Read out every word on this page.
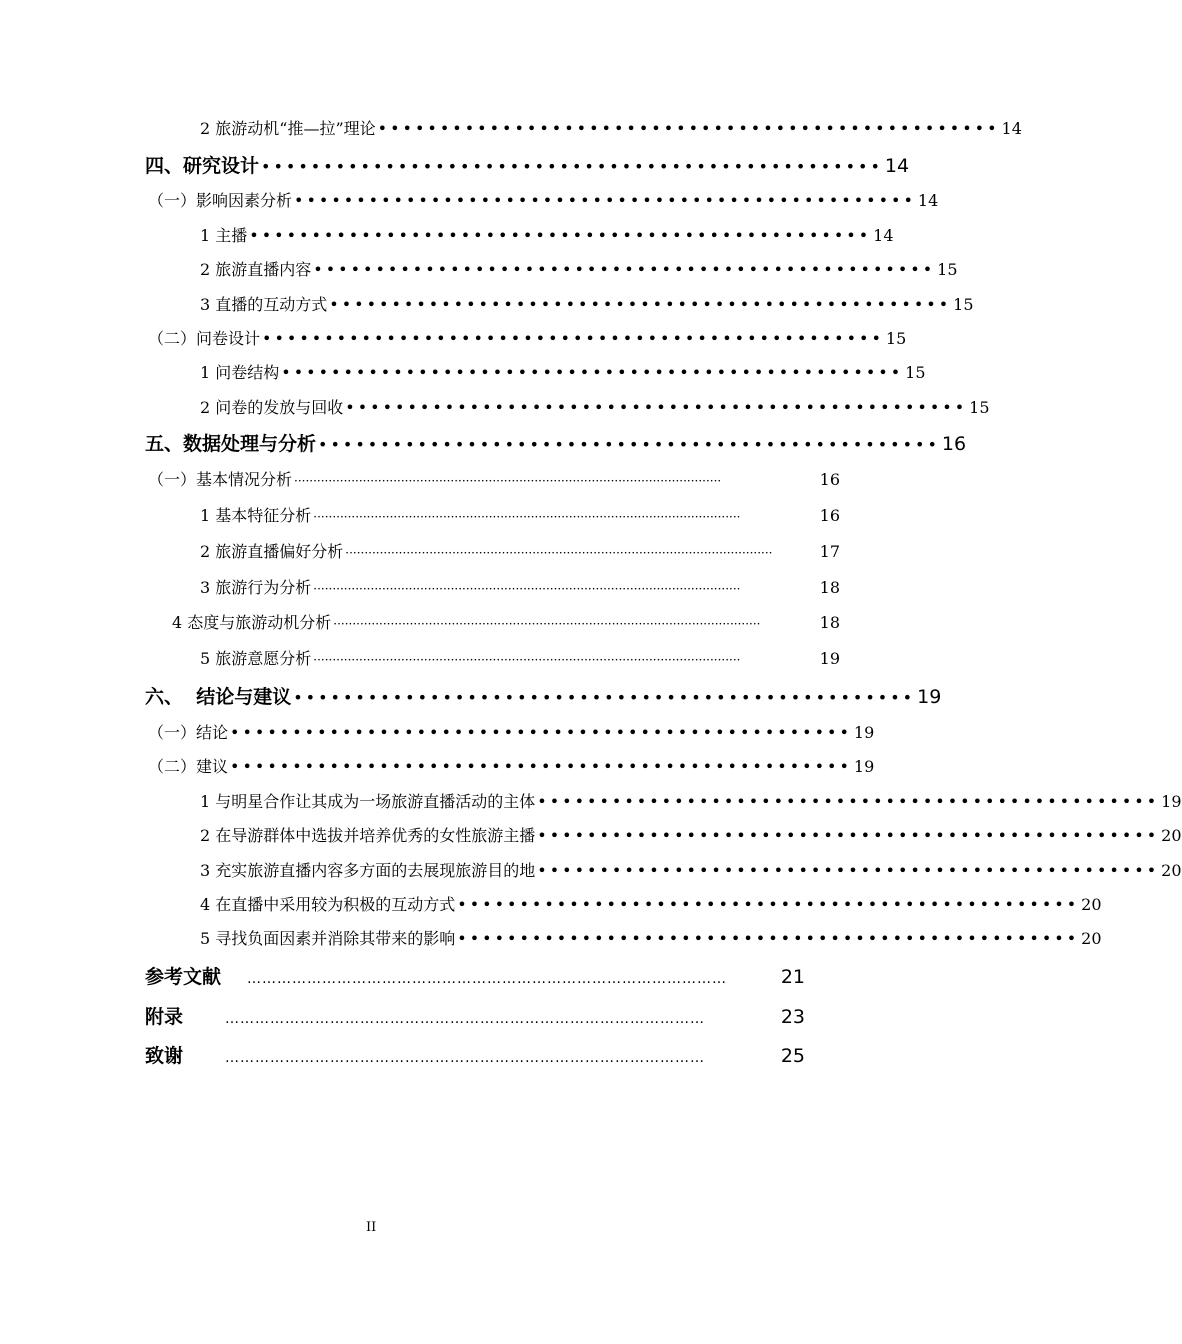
2 旅游动机“推—拉”理论 •••••••••••••••••••••••••••••••••••••••••••••••••• 14
四、研究设计 •••••••••••••••••••••••••••••••••••••••••••••••••• 14
（一）影响因素分析 •••••••••••••••••••••••••••••••••••••••••••••••••• 14
1 主播 •••••••••••••••••••••••••••••••••••••••••••••••••• 14
2 旅游直播内容 •••••••••••••••••••••••••••••••••••••••••••••••••• 15
3 直播的互动方式 •••••••••••••••••••••••••••••••••••••••••••••••••• 15
（二）问卷设计 •••••••••••••••••••••••••••••••••••••••••••••••••• 15
1 问卷结构 •••••••••••••••••••••••••••••••••••••••••••••••••• 15
2 问卷的发放与回收 •••••••••••••••••••••••••••••••••••••••••••••••••• 15
五、数据处理与分析 •••••••••••••••••••••••••••••••••••••••••••••••••• 16
（一）基本情况分析 ················································································································	16
1 基本特征分析 ················································································································	16
2 旅游直播偏好分析 ················································································································	17
3 旅游行为分析 ················································································································	18
4 态度与旅游动机分析 ················································································································	18
5 旅游意愿分析 ················································································································	19
六、  结论与建议 •••••••••••••••••••••••••••••••••••••••••••••••••• 19
（一）结论 •••••••••••••••••••••••••••••••••••••••••••••••••• 19
（二）建议 •••••••••••••••••••••••••••••••••••••••••••••••••• 19
1 与明星合作让其成为一场旅游直播活动的主体 •••••••••••••••••••••••••••••••••••••••••••••••••• 19
2 在导游群体中选拔并培养优秀的女性旅游主播 •••••••••••••••••••••••••••••••••••••••••••••••••• 20
3 充实旅游直播内容多方面的去展现旅游目的地 •••••••••••••••••••••••••••••••••••••••••••••••••• 20
4 在直播中采用较为积极的互动方式 •••••••••••••••••••••••••••••••••••••••••••••••••• 20
5 寻找负面因素并消除其带来的影响 •••••••••••••••••••••••••••••••••••••••••••••••••• 20
参考文献	……………………………………………………………………………………	21
附录	……………………………………………………………………………………	23
致谢	……………………………………………………………………………………	25
II
